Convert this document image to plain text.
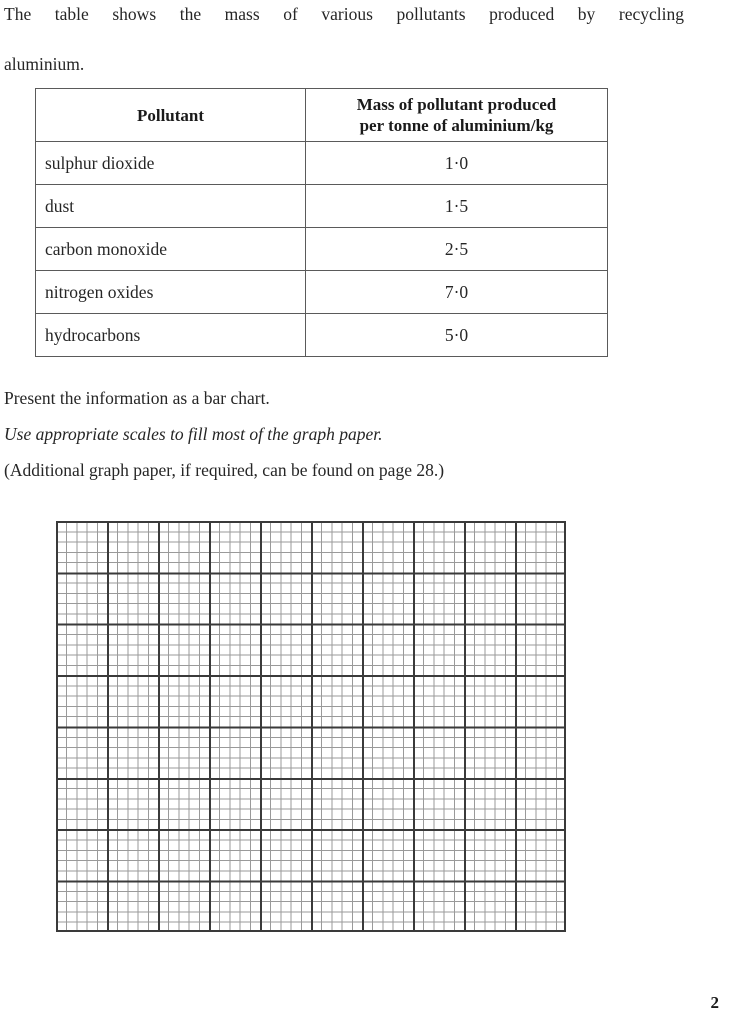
The table shows the mass of various pollutants produced by recycling
aluminium.
Pollutant	Mass of pollutant produced
per tonne of aluminium/kg

sulphur dioxide	1·0
dust	1·5
carbon monoxide	2·5
nitrogen oxides	7·0
hydrocarbons	5·0
Present the information as a bar chart.
Use appropriate scales to fill most of the graph paper.
(Additional graph paper, if required, can be found on page 28.)
2
